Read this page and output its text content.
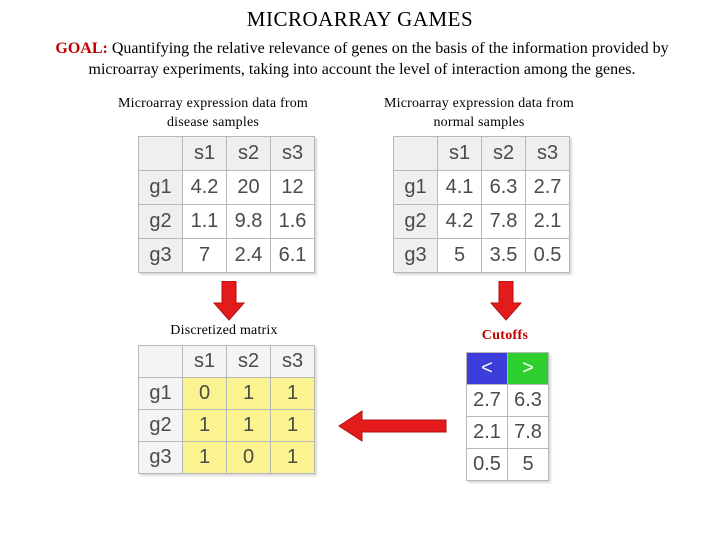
MICROARRAY GAMES
GOAL: Quantifying the relative relevance of genes on the basis of the information provided by
microarray experiments, taking into account the level of interaction among the genes.
Microarray expression data from
disease samples
Microarray expression data from
normal samples
	s1	s2	s3
g1	4.2	20	12
g2	1.1	9.8	1.6
g3	7	2.4	6.1
	s1	s2	s3
g1	4.1	6.3	2.7
g2	4.2	7.8	2.1
g3	5	3.5	0.5
Discretized matrix	Cutoffs
	s1	s2	s3
g1	0	1	1
g2	1	1	1
g3	1	0	1
<	>
2.7	6.3
2.1	7.8
0.5	5
